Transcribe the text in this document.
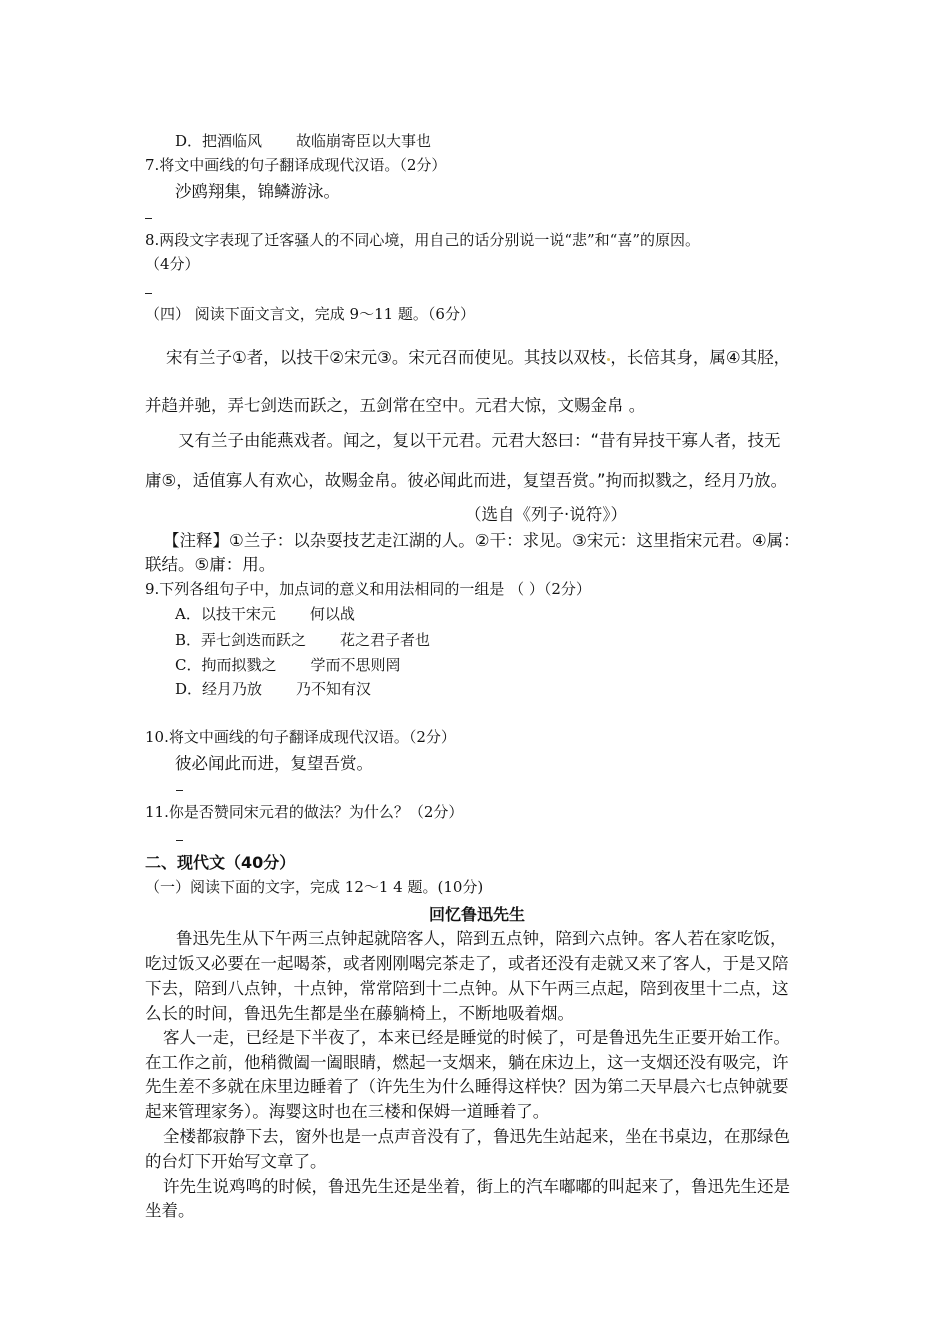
D．把酒临风 故临崩寄臣以大事也
7.将文中画线的句子翻译成现代汉语。（2分）
沙鸥翔集，锦鳞游泳。
8.两段文字表现了迁客骚人的不同心境，用自己的话分别说一说“悲”和“喜”的原因。
（4分）
（四） 阅读下面文言文，完成 9～11 题。（6分）
宋有兰子①者，以技干②宋元③。宋元召而使见。其技以双枝 ，长倍其身，属④其胫，
并趋并驰，弄七剑迭而跃之，五剑常在空中。元君大惊，文赐金帛 。
又有兰子由能燕戏者。闻之，复以干元君。元君大怒曰：“昔有异技干寡人者，技无
庸⑤，适值寡人有欢心，故赐金帛。彼必闻此而进，复望吾赏。”拘而拟戮之，经月乃放。
（选自《列子·说符》）
【注释】①兰子：以杂耍技艺走江湖的人。②干：求见。③宋元：这里指宋元君。④属：
联结。⑤庸：用。
9.下列各组句子中，加点词的意义和用法相同的一组是 （ ）（2分）
A．以技干宋元 何以战
B．弄七剑迭而跃之 花之君子者也
C．拘而拟戮之 学而不思则罔
D．经月乃放 乃不知有汉
10.将文中画线的句子翻译成现代汉语。（2分）
彼必闻此而进，复望吾赏。
11.你是否赞同宋元君的做法？为什么？（2分）
二、现代文（40分）
（一）阅读下面的文字，完成 12～1 4 题。(10分)
回忆鲁迅先生
鲁迅先生从下午两三点钟起就陪客人，陪到五点钟，陪到六点钟。客人若在家吃饭，
吃过饭又必要在一起喝茶，或者刚刚喝完茶走了，或者还没有走就又来了客人，于是又陪
下去，陪到八点钟，十点钟，常常陪到十二点钟。从下午两三点起，陪到夜里十二点，这
么长的时间，鲁迅先生都是坐在藤躺椅上，不断地吸着烟。
客人一走，已经是下半夜了，本来已经是睡觉的时候了，可是鲁迅先生正要开始工作。
在工作之前，他稍微阖一阖眼睛，燃起一支烟来，躺在床边上，这一支烟还没有吸完，许
先生差不多就在床里边睡着了（许先生为什么睡得这样快？因为第二天早晨六七点钟就要
起来管理家务）。海婴这时也在三楼和保姆一道睡着了。
全楼都寂静下去，窗外也是一点声音没有了，鲁迅先生站起来，坐在书桌边，在那绿色
的台灯下开始写文章了。
许先生说鸡鸣的时候，鲁迅先生还是坐着，街上的汽车嘟嘟的叫起来了，鲁迅先生还是
坐着。
